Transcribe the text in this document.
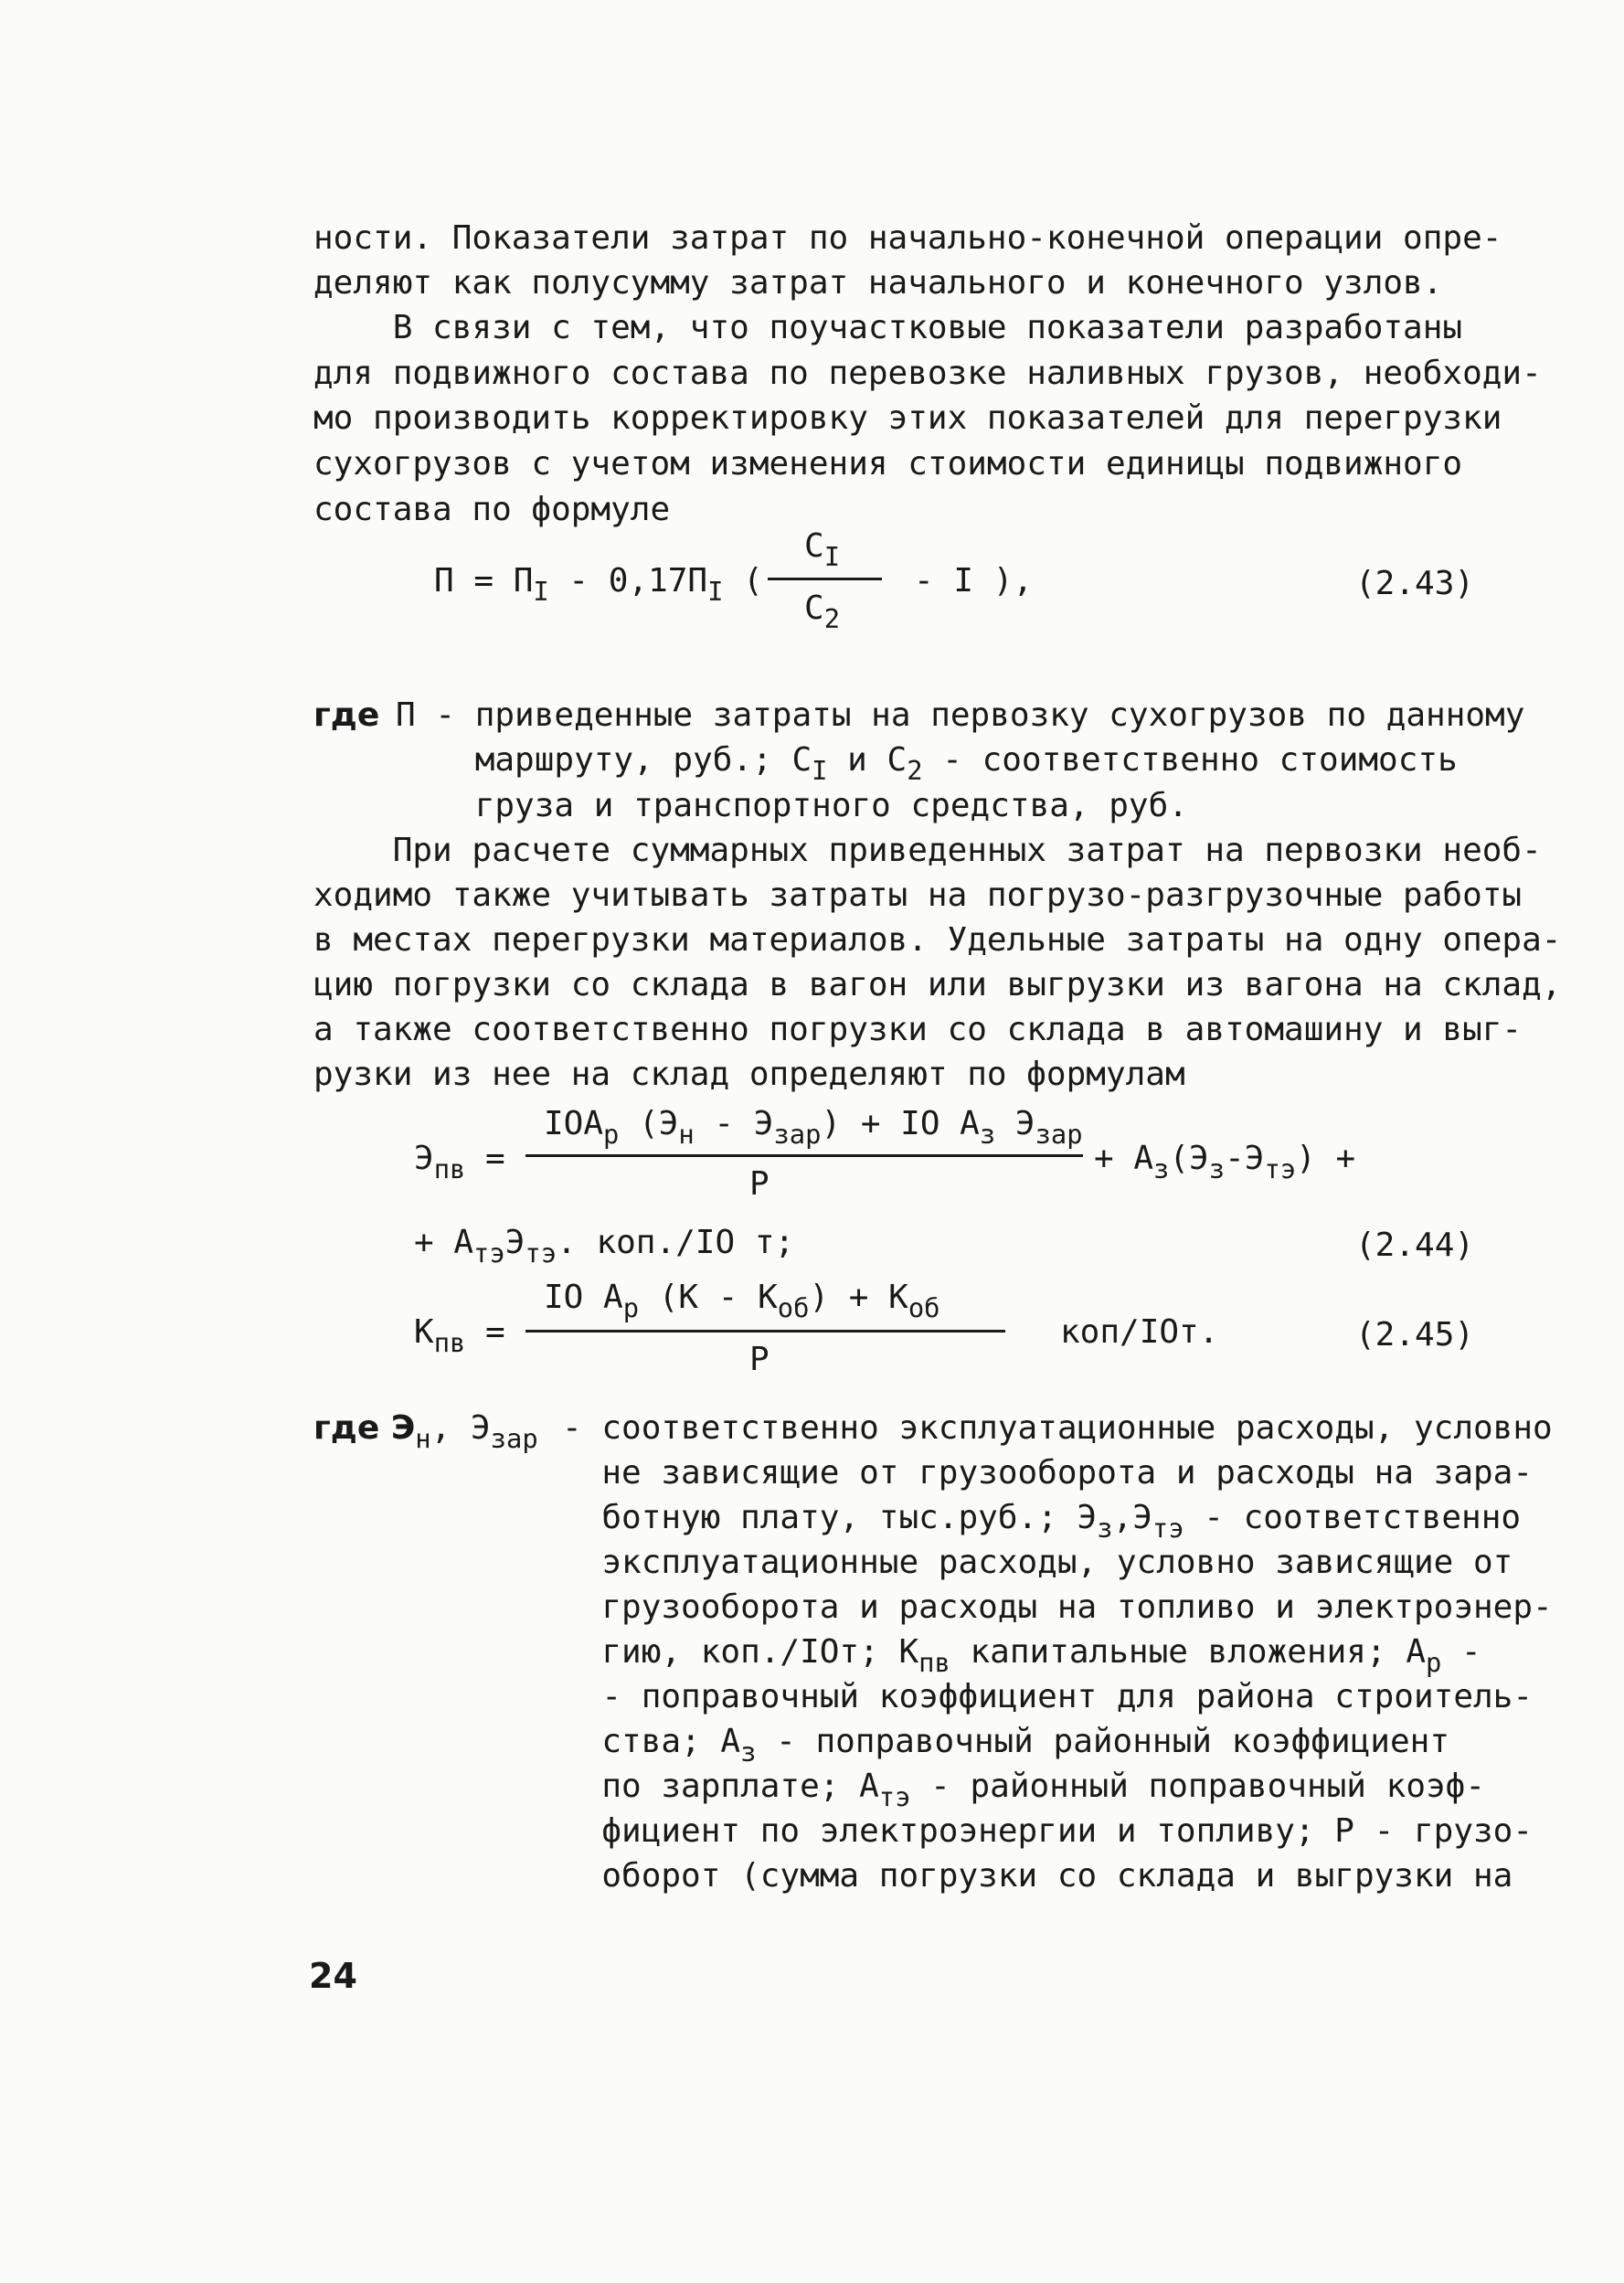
ности. Показатели затрат по начально-конечной операции опре-
деляют как полусумму затрат начального и конечного узлов.
В связи с тем, что поучастковые показатели разработаны
для подвижного состава по перевозке наливных грузов, необходи-
мо производить корректировку этих показателей для перегрузки
сухогрузов с учетом изменения стоимости единицы подвижного
состава по формуле
$П = П_I - 0,17П_I$ (
$С_I$
$С_2$
- I ),	(2.43)
где П - приведенные затраты на первозку сухогрузов по данному
маршруту, руб.; $С_I$ и $С_2$ - соответственно стоимость
груза и транспортного средства, руб.
При расчете суммарных приведенных затрат на первозки необ-
ходимо также учитывать затраты на погрузо-разгрузочные работы
в местах перегрузки материалов. Удельные затраты на одну опера-
цию погрузки со склада в вагон или выгрузки из вагона на склад,
а также соответственно погрузки со склада в автомашину и выг-
рузки из нее на склад определяют по формулам
$Э_{пв}$ =
$IOA_р$ $(Э_н - Э_{зар})$ + IO $A_з$ $Э_{зар}$
Р
+ $A_з(Э_з-Э_{тэ})$ +
+ $A_{тэ}Э_{тэ}$. коп./IO т;	(2.44)
$К_{пв}$ =
IO $A_р$ $(К - К_{об}) + К_{об}$
Р
коп/IOт.	(2.45)
где $Э_н$, $Э_{зар}$ - соответственно эксплуатационные расходы, условно
не зависящие от грузооборота и расходы на зара-
ботную плату, тыс.руб.; $Э_з,Э_{тэ}$ - соответственно
эксплуатационные расходы, условно зависящие от
грузооборота и расходы на топливо и электроэнер-
гию, коп./IOт; $К_{пв}$ капитальные вложения; $А_р$ -
- поправочный коэффициент для района строитель-
ства; $А_з$ - поправочный районный коэффициент
по зарплате; $А_{тэ}$ - районный поправочный коэф-
фициент по электроэнергии и топливу; Р - грузо-
оборот (сумма погрузки со склада и выгрузки на
24
